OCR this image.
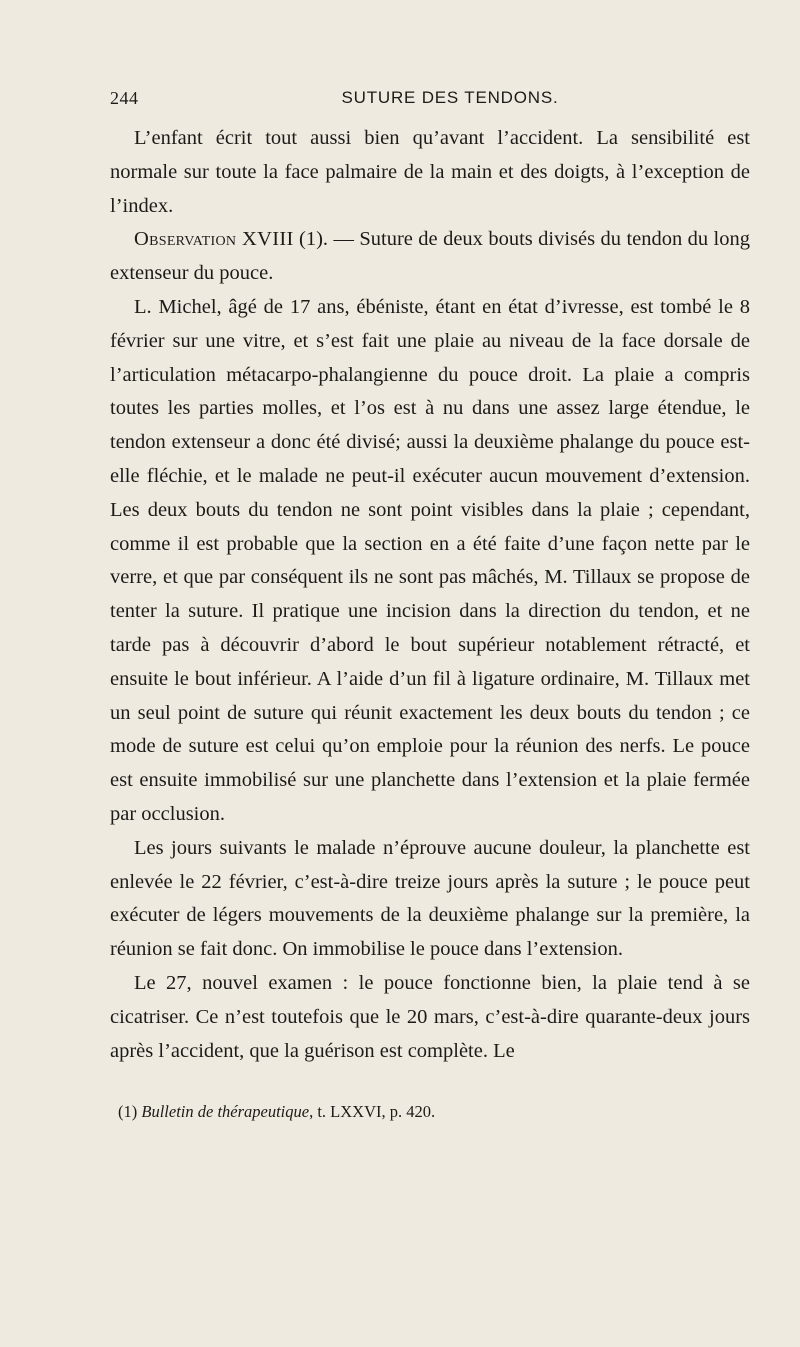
244	SUTURE DES TENDONS.

L’enfant écrit tout aussi bien qu’avant l’accident. La sensibilité est normale sur toute la face palmaire de la main et des doigts, à l’exception de l’index.

Observation XVIII (1). — Suture de deux bouts divisés du tendon du long extenseur du pouce.

L. Michel, âgé de 17 ans, ébéniste, étant en état d’ivresse, est tombé le 8 février sur une vitre, et s’est fait une plaie au niveau de la face dorsale de l’articulation métacarpo-phalangienne du pouce droit. La plaie a compris toutes les parties molles, et l’os est à nu dans une assez large étendue, le tendon extenseur a donc été divisé; aussi la deuxième phalange du pouce est-elle fléchie, et le malade ne peut-il exécuter aucun mouvement d’extension. Les deux bouts du tendon ne sont point visibles dans la plaie ; cependant, comme il est probable que la section en a été faite d’une façon nette par le verre, et que par conséquent ils ne sont pas mâchés, M. Tillaux se propose de tenter la suture. Il pratique une incision dans la direction du tendon, et ne tarde pas à découvrir d’abord le bout supérieur notablement rétracté, et ensuite le bout inférieur. A l’aide d’un fil à ligature ordinaire, M. Tillaux met un seul point de suture qui réunit exactement les deux bouts du tendon ; ce mode de suture est celui qu’on emploie pour la réunion des nerfs. Le pouce est ensuite immobilisé sur une planchette dans l’extension et la plaie fermée par occlusion.

Les jours suivants le malade n’éprouve aucune douleur, la planchette est enlevée le 22 février, c’est-à-dire treize jours après la suture ; le pouce peut exécuter de légers mouvements de la deuxième phalange sur la première, la réunion se fait donc. On immobilise le pouce dans l’extension.

Le 27, nouvel examen : le pouce fonctionne bien, la plaie tend à se cicatriser. Ce n’est toutefois que le 20 mars, c’est-à-dire quarante-deux jours après l’accident, que la guérison est complète. Le

(1) Bulletin de thérapeutique, t. LXXVI, p. 420.
